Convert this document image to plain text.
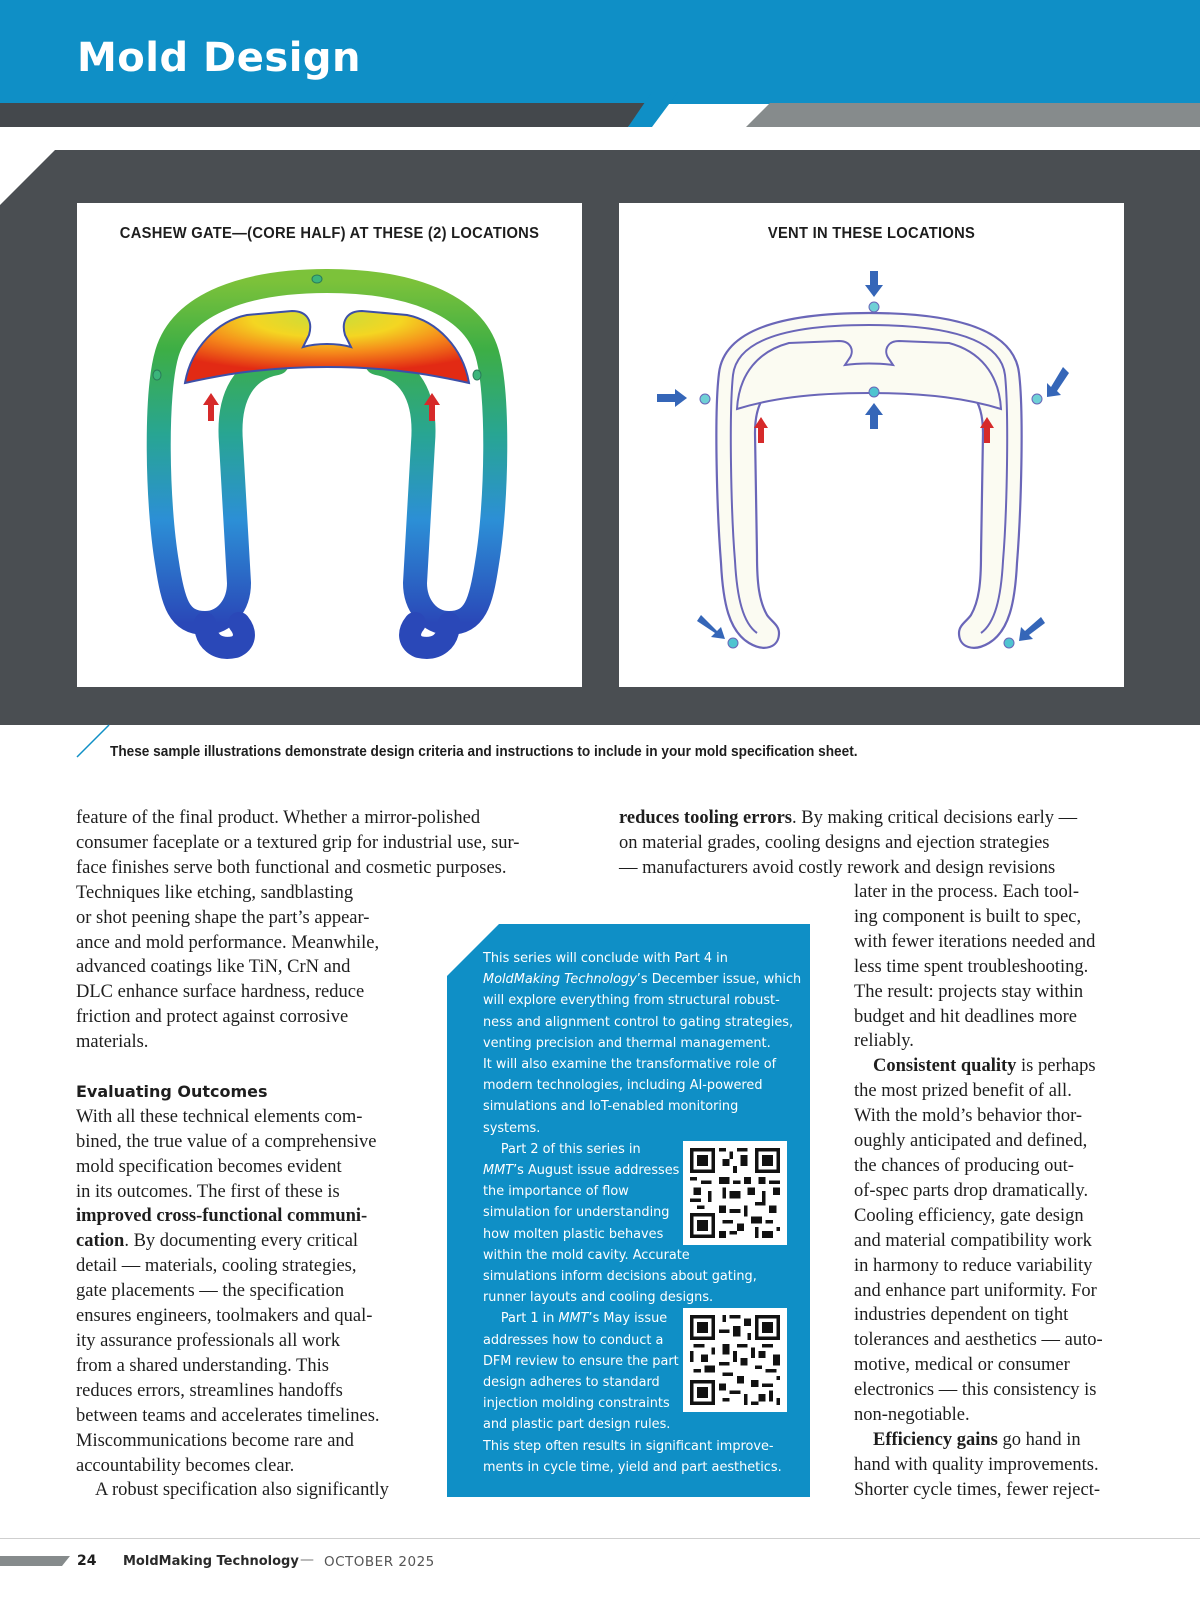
Mold Design
CASHEW GATE—(CORE HALF) AT THESE (2) LOCATIONS	VENT IN THESE LOCATIONS
These sample illustrations demonstrate design criteria and instructions to include in your mold specification sheet.

feature of the final product. Whether a mirror-polished
consumer faceplate or a textured grip for industrial use, sur-
face finishes serve both functional and cosmetic purposes.
Techniques like etching, sandblasting
or shot peening shape the part’s appear-
ance and mold performance. Meanwhile,
advanced coatings like TiN, CrN and
DLC enhance surface hardness, reduce
friction and protect against corrosive
materials.

Evaluating Outcomes

With all these technical elements com-
bined, the true value of a comprehensive
mold specification becomes evident
in its outcomes. The first of these is
improved cross-functional communi-
cation. By documenting every critical
detail — materials, cooling strategies,
gate placements — the specification
ensures engineers, toolmakers and qual-
ity assurance professionals all work
from a shared understanding. This
reduces errors, streamlines handoffs
between teams and accelerates timelines.
Miscommunications become rare and
accountability becomes clear.

A robust specification also significantly

reduces tooling errors. By making critical decisions early —
on material grades, cooling designs and ejection strategies
— manufacturers avoid costly rework and design revisions

later in the process. Each tool-
ing component is built to spec,
with fewer iterations needed and
less time spent troubleshooting.
The result: projects stay within
budget and hit deadlines more
reliably.

Consistent quality is perhaps
the most prized benefit of all.
With the mold’s behavior thor-
oughly anticipated and defined,
the chances of producing out-
of-spec parts drop dramatically.
Cooling efficiency, gate design
and material compatibility work
in harmony to reduce variability
and enhance part uniformity. For
industries dependent on tight
tolerances and aesthetics — auto-
motive, medical or consumer
electronics — this consistency is
non-negotiable.

Efficiency gains go hand in
hand with quality improvements.
Shorter cycle times, fewer reject-

This series will conclude with Part 4 in
MoldMaking Technology’s December issue, which
will explore everything from structural robust-
ness and alignment control to gating strategies,
venting precision and thermal management.
It will also examine the transformative role of
modern technologies, including AI-powered
simulations and IoT-enabled monitoring
systems.
Part 2 of this series in
MMT’s August issue addresses
the importance of flow
simulation for understanding
how molten plastic behaves
within the mold cavity. Accurate
simulations inform decisions about gating,
runner layouts and cooling designs.
Part 1 in MMT’s May issue
addresses how to conduct a
DFM review to ensure the part
design adheres to standard
injection molding constraints
and plastic part design rules.
This step often results in significant improve-
ments in cycle time, yield and part aesthetics.
24 MoldMaking Technology — OCTOBER 2025
